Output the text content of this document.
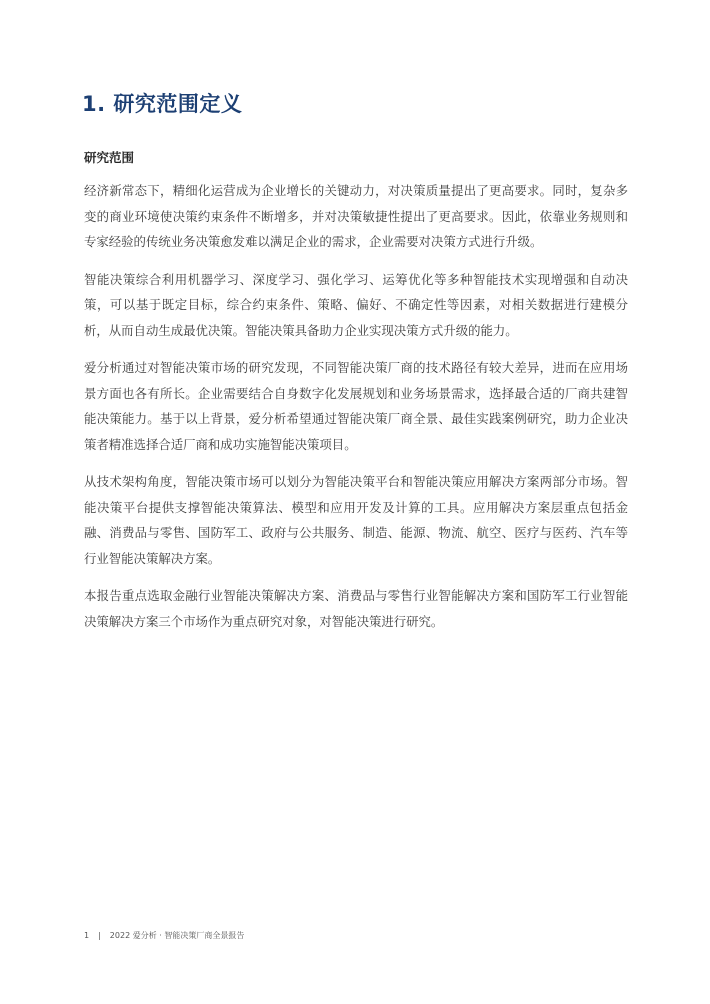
1. 研究范围定义
研究范围

经济新常态下，精细化运营成为企业增长的关键动力，对决策质量提出了更高要求。同时，复杂多变的商业环境使决策约束条件不断增多，并对决策敏捷性提出了更高要求。因此，依靠业务规则和专家经验的传统业务决策愈发难以满足企业的需求，企业需要对决策方式进行升级。

智能决策综合利用机器学习、深度学习、强化学习、运筹优化等多种智能技术实现增强和自动决策，可以基于既定目标，综合约束条件、策略、偏好、不确定性等因素，对相关数据进行建模分析，从而自动生成最优决策。智能决策具备助力企业实现决策方式升级的能力。

爱分析通过对智能决策市场的研究发现，不同智能决策厂商的技术路径有较大差异，进而在应用场景方面也各有所长。企业需要结合自身数字化发展规划和业务场景需求，选择最合适的厂商共建智能决策能力。基于以上背景，爱分析希望通过智能决策厂商全景、最佳实践案例研究，助力企业决策者精准选择合适厂商和成功实施智能决策项目。

从技术架构角度，智能决策市场可以划分为智能决策平台和智能决策应用解决方案两部分市场。智能决策平台提供支撑智能决策算法、模型和应用开发及计算的工具。应用解决方案层重点包括金融、消费品与零售、国防军工、政府与公共服务、制造、能源、物流、航空、医疗与医药、汽车等行业智能决策解决方案。

本报告重点选取金融行业智能决策解决方案、消费品与零售行业智能解决方案和国防军工行业智能决策解决方案三个市场作为重点研究对象，对智能决策进行研究。

1 | 2022 爱分析 · 智能决策厂商全景报告
